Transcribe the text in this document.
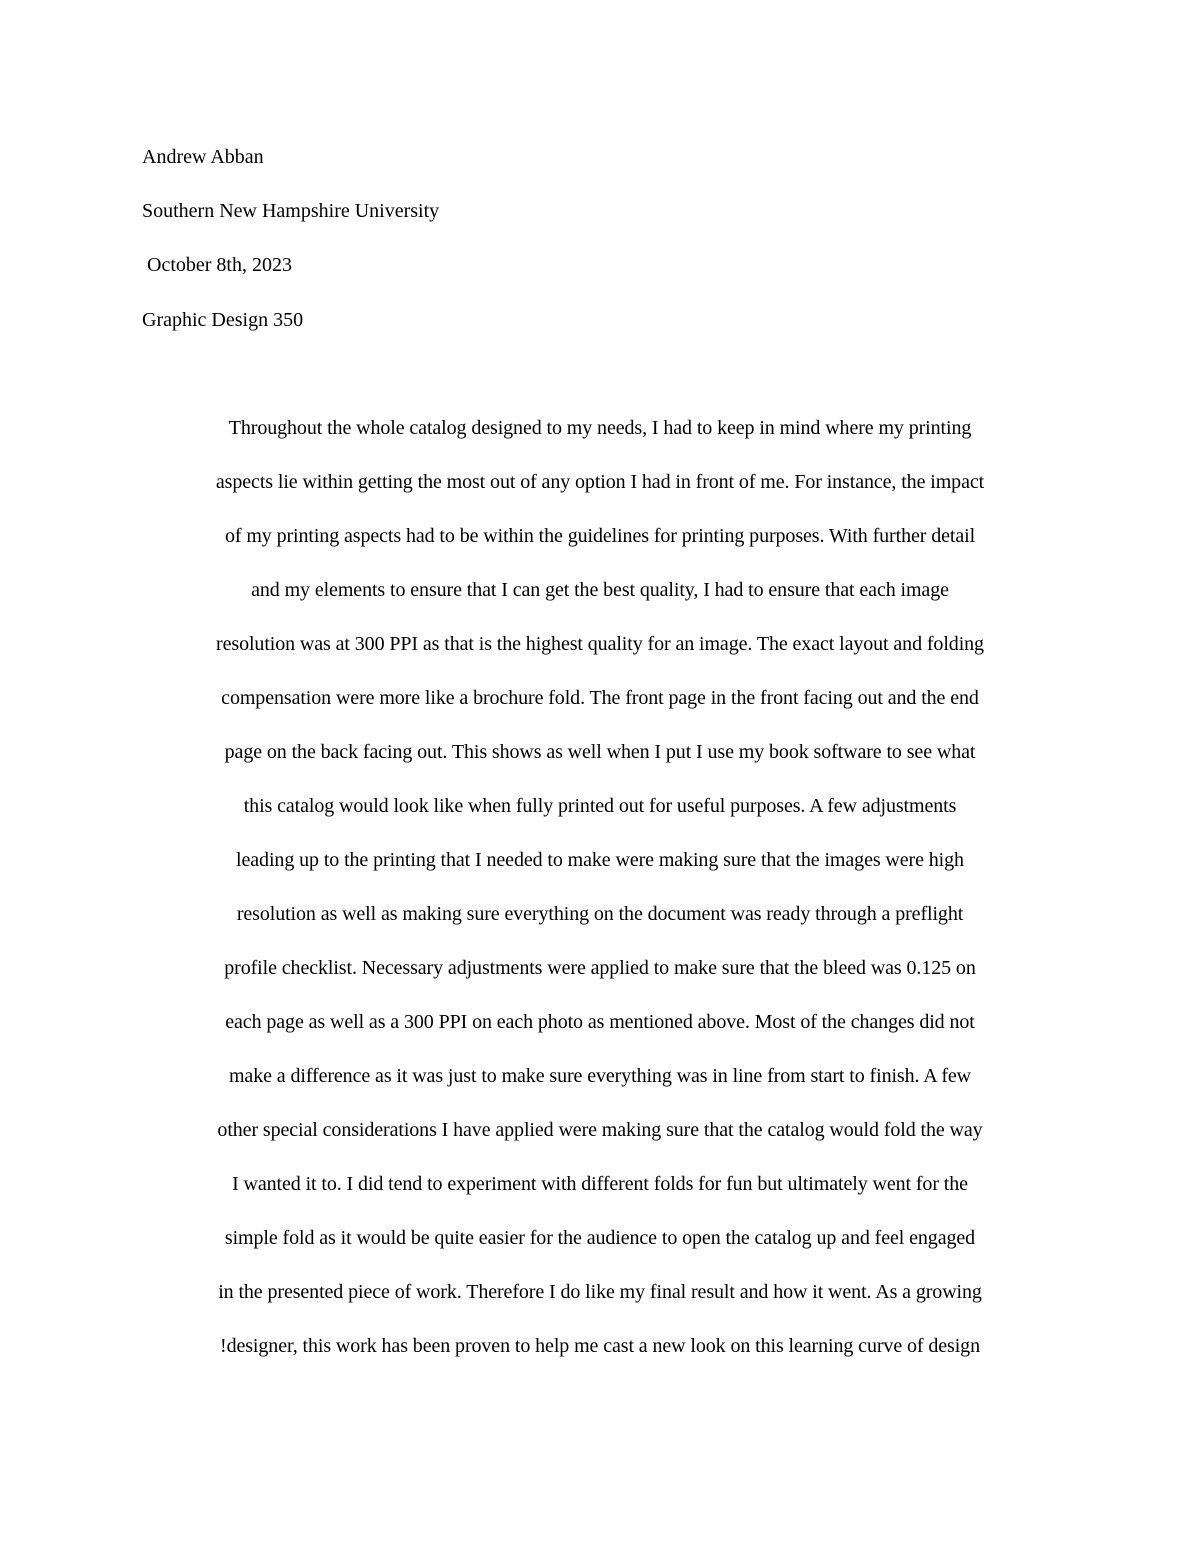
Andrew Abban

Southern New Hampshire University

October 8th, 2023

Graphic Design 350

Throughout the whole catalog designed to my needs, I had to keep in mind where my printing
aspects lie within getting the most out of any option I had in front of me. For instance, the impact
of my printing aspects had to be within the guidelines for printing purposes. With further detail
and my elements to ensure that I can get the best quality, I had to ensure that each image
resolution was at 300 PPI as that is the highest quality for an image. The exact layout and folding
compensation were more like a brochure fold. The front page in the front facing out and the end
page on the back facing out. This shows as well when I put I use my book software to see what
this catalog would look like when fully printed out for useful purposes. A few adjustments
leading up to the printing that I needed to make were making sure that the images were high
resolution as well as making sure everything on the document was ready through a preflight
profile checklist. Necessary adjustments were applied to make sure that the bleed was 0.125 on
each page as well as a 300 PPI on each photo as mentioned above. Most of the changes did not
make a difference as it was just to make sure everything was in line from start to finish. A few
other special considerations I have applied were making sure that the catalog would fold the way
I wanted it to. I did tend to experiment with different folds for fun but ultimately went for the
simple fold as it would be quite easier for the audience to open the catalog up and feel engaged
in the presented piece of work. Therefore I do like my final result and how it went. As a growing
!designer, this work has been proven to help me cast a new look on this learning curve of design
